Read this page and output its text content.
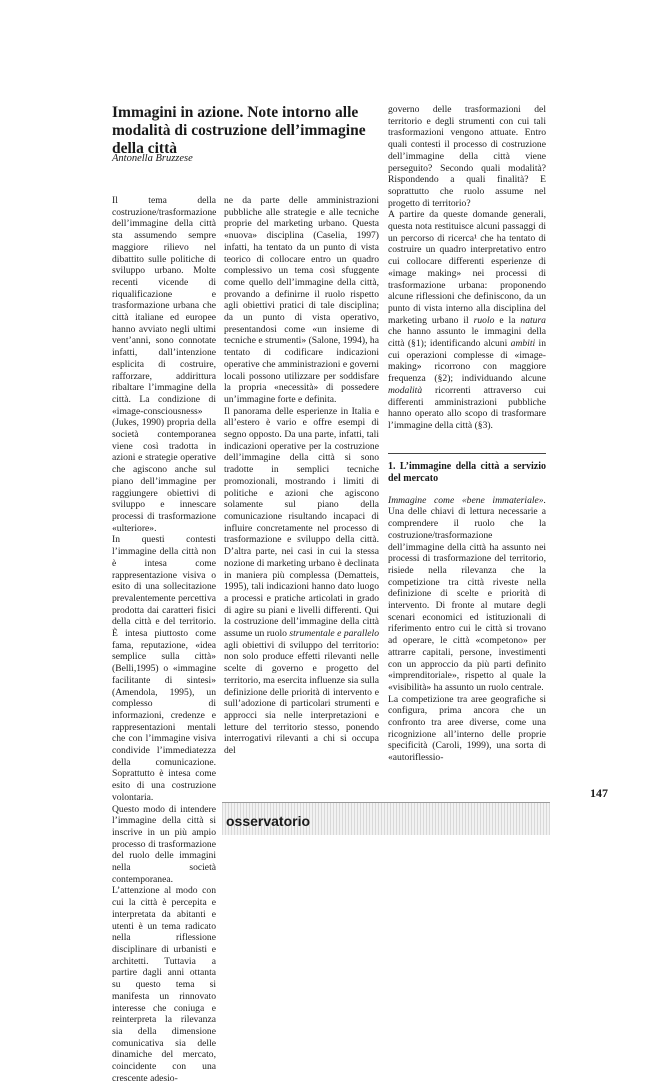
Immagini in azione. Note intorno alle modalità di costruzione dell’immagine della città

Antonella Bruzzese

Il tema della costruzione/trasformazione dell’immagine della città sta assumendo sempre maggiore rilievo nel dibattito sulle politiche di sviluppo urbano. Molte recenti vicende di riqualificazione e trasformazione urbana che città italiane ed europee hanno avviato negli ultimi vent’anni, sono connotate infatti, dall’intenzione esplicita di costruire, rafforzare, addirittura ribaltare l’immagine della città. La condizione di «image-consciousness» (Jukes, 1990) propria della società contemporanea viene così tradotta in azioni e strategie operative che agiscono anche sul piano dell’immagine per raggiungere obiettivi di sviluppo e innescare processi di trasformazione «ulteriore».

In questi contesti l’immagine della città non è intesa come rappresentazione visiva o esito di una sollecitazione prevalentemente percettiva prodotta dai caratteri fisici della città e del territorio. È intesa piuttosto come fama, reputazione, «idea semplice sulla città» (Belli,1995) o «immagine facilitante di sintesi» (Amendola, 1995), un complesso di informazioni, credenze e rappresentazioni mentali che con l’immagine visiva condivide l’immediatezza della comunicazione. Soprattutto è intesa come esito di una costruzione volontaria.

Questo modo di intendere l’immagine della città si inscrive in un più ampio processo di trasformazione del ruolo delle immagini nella società contemporanea. L’attenzione al modo con cui la città è percepita e interpretata da abitanti e utenti è un tema radicato nella riflessione disciplinare di urbanisti e architetti. Tuttavia a partire dagli anni ottanta su questo tema si manifesta un rinnovato interesse che coniuga e reinterpreta la rilevanza sia della dimensione comunicativa sia delle dinamiche del mercato, coincidente con una crescente adesio-

ne da parte delle amministrazioni pubbliche alle strategie e alle tecniche proprie del marketing urbano. Questa «nuova» disciplina (Caselia, 1997) infatti, ha tentato da un punto di vista teorico di collocare entro un quadro complessivo un tema così sfuggente come quello dell’immagine della città, provando a definirne il ruolo rispetto agli obiettivi pratici di tale disciplina; da un punto di vista operativo, presentandosi come «un insieme di tecniche e strumenti» (Salone, 1994), ha tentato di codificare indicazioni operative che amministrazioni e governi locali possono utilizzare per soddisfare la propria «necessità» di possedere un’immagine forte e definita.

Il panorama delle esperienze in Italia e all’estero è vario e offre esempi di segno opposto. Da una parte, infatti, tali indicazioni operative per la costruzione dell’immagine della città si sono tradotte in semplici tecniche promozionali, mostrando i limiti di politiche e azioni che agiscono solamente sul piano della comunicazione risultando incapaci di influire concretamente nel processo di trasformazione e sviluppo della città. D’altra parte, nei casi in cui la stessa nozione di marketing urbano è declinata in maniera più complessa (Dematteis, 1995), tali indicazioni hanno dato luogo a processi e pratiche articolati in grado di agire su piani e livelli differenti. Qui la costruzione dell’immagine della città assume un ruolo strumentale e parallelo agli obiettivi di sviluppo del territorio: non solo produce effetti rilevanti nelle scelte di governo e progetto del territorio, ma esercita influenze sia sulla definizione delle priorità di intervento e sull’adozione di particolari strumenti e approcci sia nelle interpretazioni e letture del territorio stesso, ponendo interrogativi rilevanti a chi si occupa del

governo delle trasformazioni del territorio e degli strumenti con cui tali trasformazioni vengono attuate. Entro quali contesti il processo di costruzione dell’immagine della città viene perseguito? Secondo quali modalità? Rispondendo a quali finalità? E soprattutto che ruolo assume nel progetto di territorio?

A partire da queste domande generali, questa nota restituisce alcuni passaggi di un percorso di ricerca¹ che ha tentato di costruire un quadro interpretativo entro cui collocare differenti esperienze di «image making» nei processi di trasformazione urbana: proponendo alcune riflessioni che definiscono, da un punto di vista interno alla disciplina del marketing urbano il ruolo e la natura che hanno assunto le immagini della città (§1); identificando alcuni ambiti in cui operazioni complesse di «image-making» ricorrono con maggiore frequenza (§2); individuando alcune modalità ricorrenti attraverso cui differenti amministrazioni pubbliche hanno operato allo scopo di trasformare l’immagine della città (§3).

1. L’immagine della città a servizio del mercato

Immagine come «bene immateriale». Una delle chiavi di lettura necessarie a comprendere il ruolo che la costruzione/trasformazione dell’immagine della città ha assunto nei processi di trasformazione del territorio, risiede nella rilevanza che la competizione tra città riveste nella definizione di scelte e priorità di intervento. Di fronte al mutare degli scenari economici ed istituzionali di riferimento entro cui le città si trovano ad operare, le città «competono» per attrarre capitali, persone, investimenti con un approccio da più parti definito «imprenditoriale», rispetto al quale la «visibilità» ha assunto un ruolo centrale.

La competizione tra aree geografiche si configura, prima ancora che un confronto tra aree diverse, come una ricognizione all’interno delle proprie specificità (Caroli, 1999), una sorta di «autoriflessio-

147
osservatorio
